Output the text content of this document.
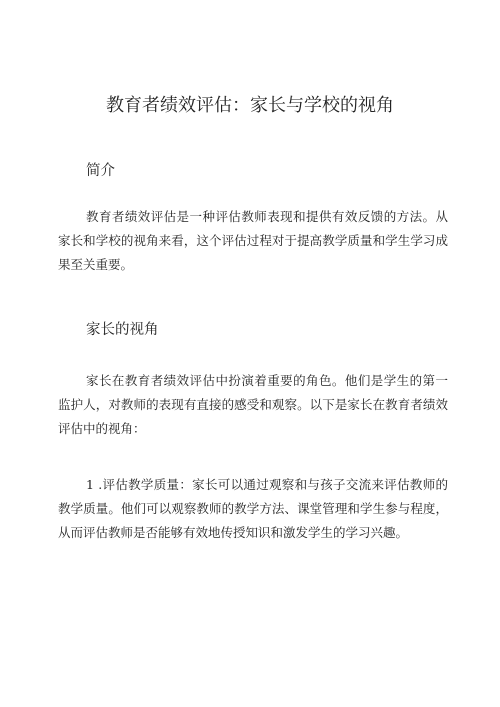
教育者绩效评估：家长与学校的视角
简介

教育者绩效评估是一种评估教师表现和提供有效反馈的方法。从家长和学校的视角来看，这个评估过程对于提高教学质量和学生学习成果至关重要。

家长的视角

家长在教育者绩效评估中扮演着重要的角色。他们是学生的第一监护人，对教师的表现有直接的感受和观察。以下是家长在教育者绩效评估中的视角：

1 .评估教学质量：家长可以通过观察和与孩子交流来评估教师的教学质量。他们可以观察教师的教学方法、课堂管理和学生参与程度，从而评估教师是否能够有效地传授知识和激发学生的学习兴趣。
